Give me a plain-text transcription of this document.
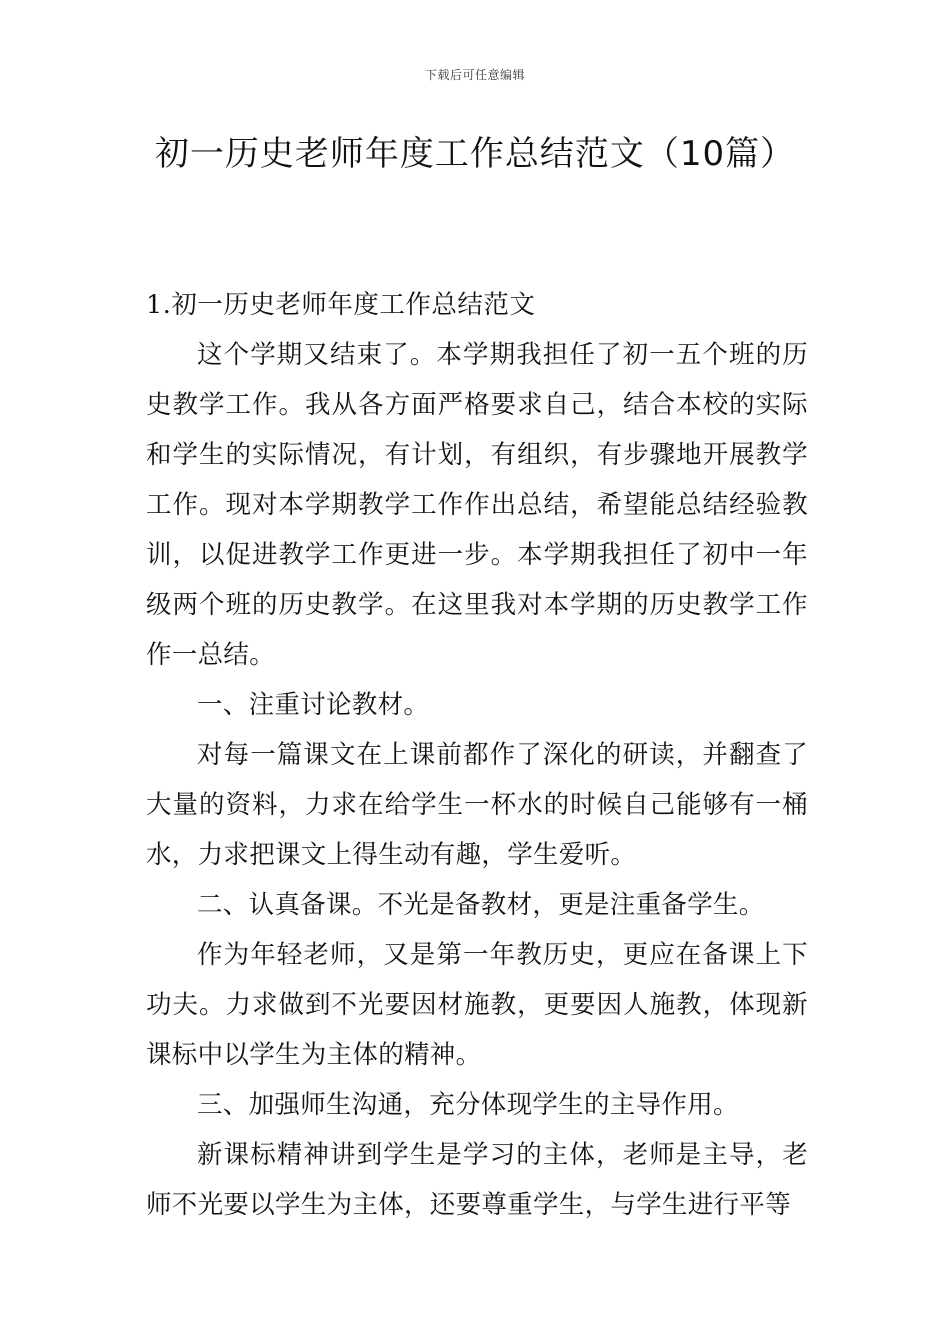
下载后可任意编辑
初一历史老师年度工作总结范文（10篇）

1.初一历史老师年度工作总结范文

这个学期又结束了。本学期我担任了初一五个班的历史教学工作。我从各方面严格要求自己，结合本校的实际和学生的实际情况，有计划，有组织，有步骤地开展教学工作。现对本学期教学工作作出总结，希望能总结经验教训，以促进教学工作更进一步。本学期我担任了初中一年级两个班的历史教学。在这里我对本学期的历史教学工作作一总结。

一、注重讨论教材。

对每一篇课文在上课前都作了深化的研读，并翻查了大量的资料，力求在给学生一杯水的时候自己能够有一桶水，力求把课文上得生动有趣，学生爱听。

二、认真备课。不光是备教材，更是注重备学生。

作为年轻老师，又是第一年教历史，更应在备课上下功夫。力求做到不光要因材施教，更要因人施教，体现新课标中以学生为主体的精神。

三、加强师生沟通，充分体现学生的主导作用。

新课标精神讲到学生是学习的主体，老师是主导，老师不光要以学生为主体，还要尊重学生，与学生进行平等
